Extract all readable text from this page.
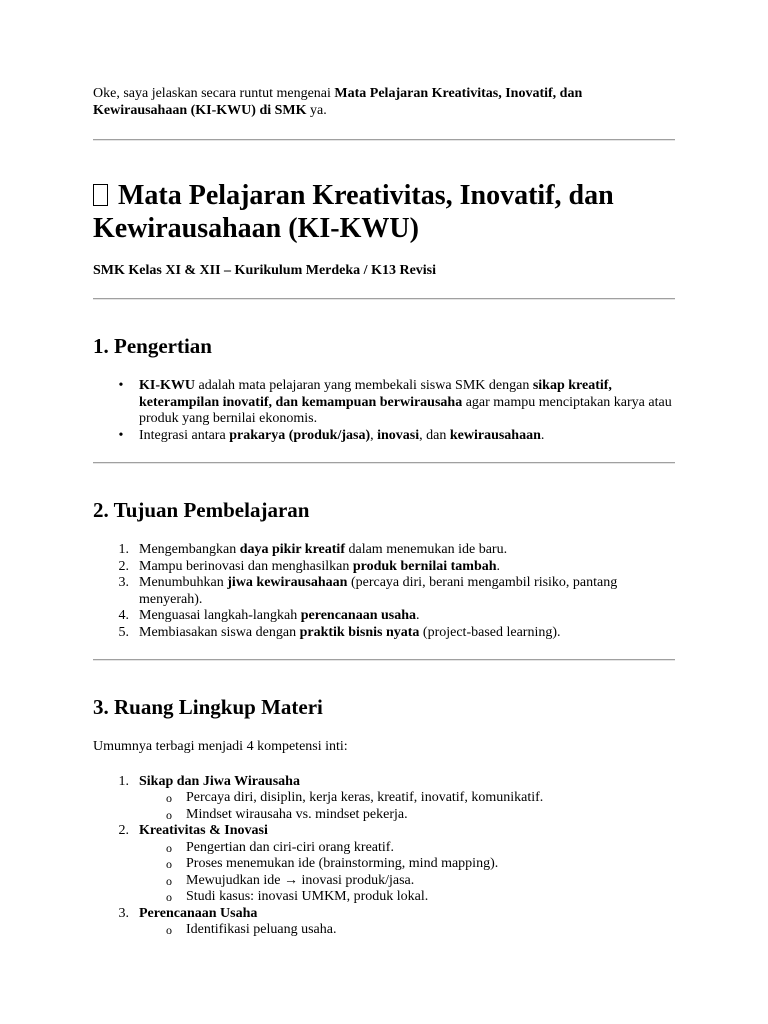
Oke, saya jelaskan secara runtut mengenai Mata Pelajaran Kreativitas, Inovatif, dan Kewirausahaan (KI-KWU) di SMK ya.

Mata Pelajaran Kreativitas, Inovatif, dan Kewirausahaan (KI-KWU)

SMK Kelas XI & XII – Kurikulum Merdeka / K13 Revisi

1. Pengertian
• KI-KWU adalah mata pelajaran yang membekali siswa SMK dengan sikap kreatif, keterampilan inovatif, dan kemampuan berwirausaha agar mampu menciptakan karya atau produk yang bernilai ekonomis.
• Integrasi antara prakarya (produk/jasa), inovasi, dan kewirausahaan.
2. Tujuan Pembelajaran
1. Mengembangkan daya pikir kreatif dalam menemukan ide baru.
2. Mampu berinovasi dan menghasilkan produk bernilai tambah.
3. Menumbuhkan jiwa kewirausahaan (percaya diri, berani mengambil risiko, pantang menyerah).
4. Menguasai langkah-langkah perencanaan usaha.
5. Membiasakan siswa dengan praktik bisnis nyata (project-based learning).
3. Ruang Lingkup Materi

Umumnya terbagi menjadi 4 kompetensi inti:

1. Sikap dan Jiwa Wirausaha
o Percaya diri, disiplin, kerja keras, kreatif, inovatif, komunikatif.
o Mindset wirausaha vs. mindset pekerja.
2. Kreativitas & Inovasi
o Pengertian dan ciri-ciri orang kreatif.
o Proses menemukan ide (brainstorming, mind mapping).
o Mewujudkan ide → inovasi produk/jasa.
o Studi kasus: inovasi UMKM, produk lokal.
3. Perencanaan Usaha
o Identifikasi peluang usaha.
